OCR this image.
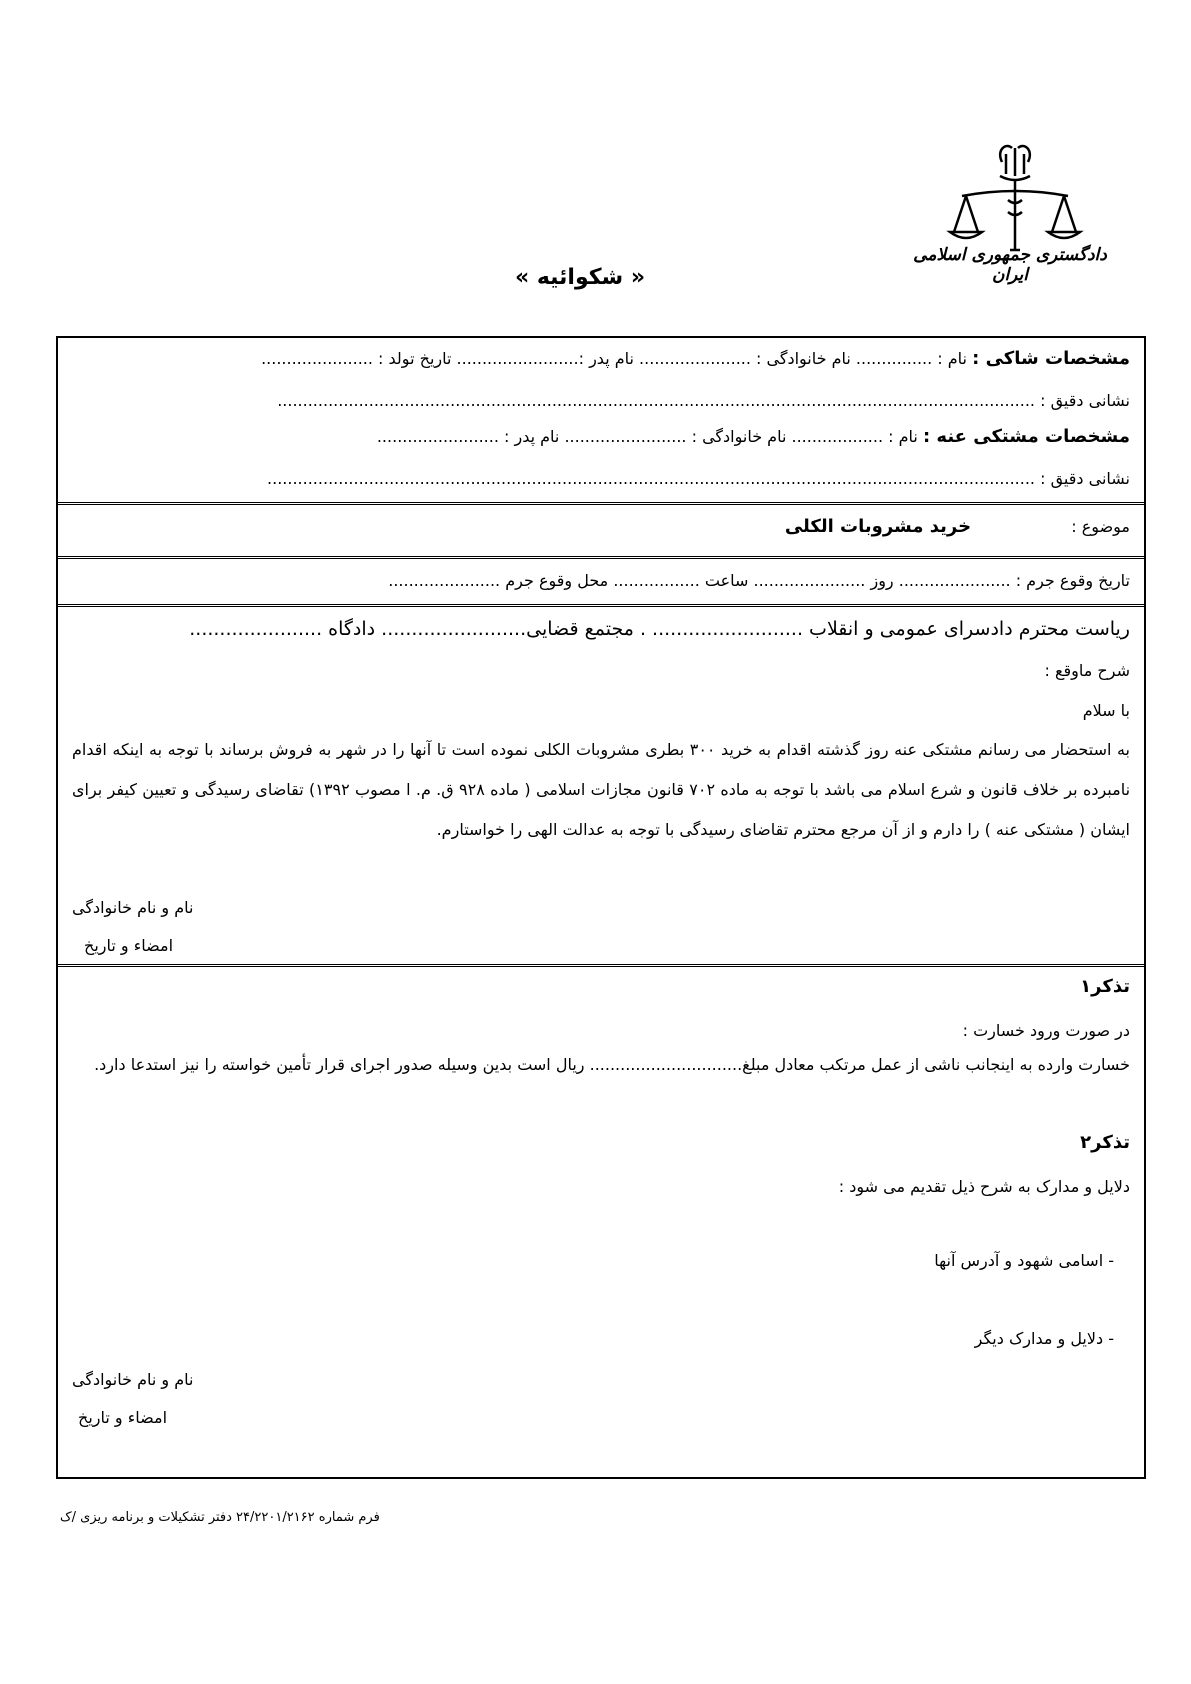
دادگستری جمهوری اسلامی ایران
« شکوائیه »
مشخصات شاکی : نام : ............... نام خانوادگی : ...................... نام پدر :........................ تاریخ تولد : ......................
نشانی دقیق : .....................................................................................................................................................
مشخصات مشتکی عنه : نام : .................. نام خانوادگی : ........................ نام پدر : ........................
نشانی دقیق : .......................................................................................................................................................
موضوع :  خرید مشروبات الکلی
تاریخ وقوع جرم : ...................... روز ...................... ساعت ................. محل وقوع جرم ......................
ریاست محترم دادسرای عمومی و انقلاب ......................... . مجتمع قضایی........................ دادگاه ......................
شرح ماوقع :
با سلام
به استحضار می رسانم مشتکی عنه روز گذشته اقدام به خرید ۳۰۰ بطری مشروبات الکلی نموده است تا آنها را در شهر به فروش برساند با توجه به اینکه اقدام نامبرده بر خلاف قانون و شرع اسلام می باشد با توجه به ماده ۷۰۲ قانون مجازات اسلامی ( ماده ۹۲۸ ق. م. ا مصوب ۱۳۹۲) تقاضای رسیدگی و تعیین کیفر برای ایشان ( مشتکی عنه ) را دارم و از آن مرجع محترم تقاضای رسیدگی با توجه به عدالت الهی را خواستارم.
نام و نام خانوادگی
امضاء و تاریخ
تذکر۱
در صورت ورود خسارت :
خسارت وارده به اینجانب ناشی از عمل مرتکب معادل مبلغ.............................. ریال است بدین وسیله صدور اجرای قرار تأمین خواسته را نیز استدعا دارد.
تذکر۲
دلایل و مدارک به شرح ذیل تقدیم می شود :
- اسامی شهود و آدرس آنها
- دلایل و مدارک دیگر
نام و نام خانوادگی
امضاء و تاریخ
فرم شماره ۲۴/۲۲۰۱/۲۱۶۲ دفتر تشکیلات و برنامه ریزی /ک
